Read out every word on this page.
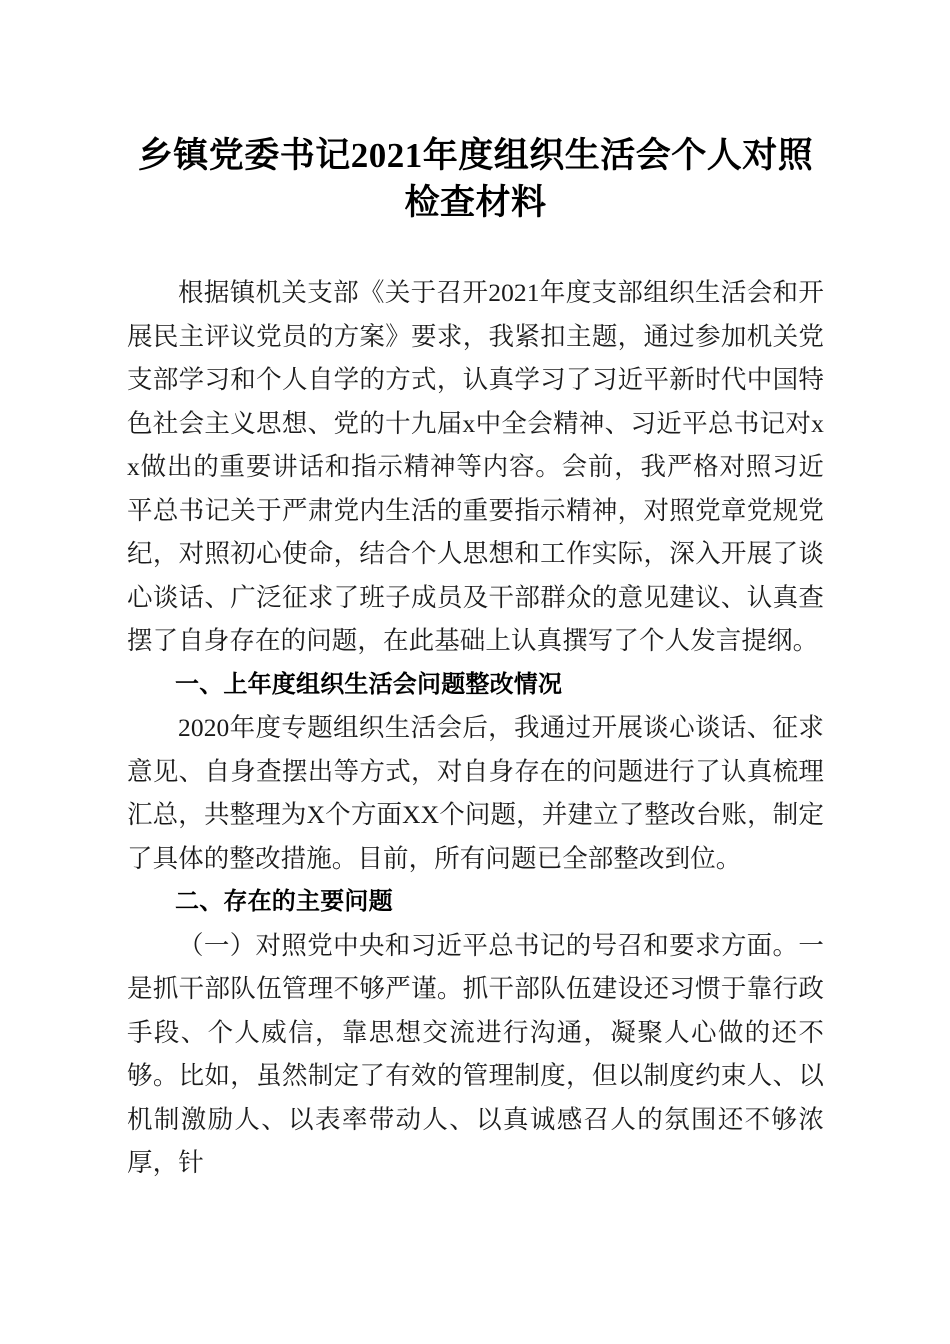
乡镇党委书记2021年度组织生活会个人对照检查材料

根据镇机关支部《关于召开2021年度支部组织生活会和开展民主评议党员的方案》要求，我紧扣主题，通过参加机关党支部学习和个人自学的方式，认真学习了习近平新时代中国特色社会主义思想、党的十九届x中全会精神、习近平总书记对xx做出的重要讲话和指示精神等内容。会前，我严格对照习近平总书记关于严肃党内生活的重要指示精神，对照党章党规党纪，对照初心使命，结合个人思想和工作实际，深入开展了谈心谈话、广泛征求了班子成员及干部群众的意见建议、认真查摆了自身存在的问题，在此基础上认真撰写了个人发言提纲。

一、上年度组织生活会问题整改情况

2020年度专题组织生活会后，我通过开展谈心谈话、征求意见、自身查摆出等方式，对自身存在的问题进行了认真梳理汇总，共整理为X个方面XX个问题，并建立了整改台账，制定了具体的整改措施。目前，所有问题已全部整改到位。

二、存在的主要问题

（一）对照党中央和习近平总书记的号召和要求方面。一是抓干部队伍管理不够严谨。抓干部队伍建设还习惯于靠行政手段、个人威信，靠思想交流进行沟通，凝聚人心做的还不够。比如，虽然制定了有效的管理制度，但以制度约束人、以机制激励人、以表率带动人、以真诚感召人的氛围还不够浓厚，针
